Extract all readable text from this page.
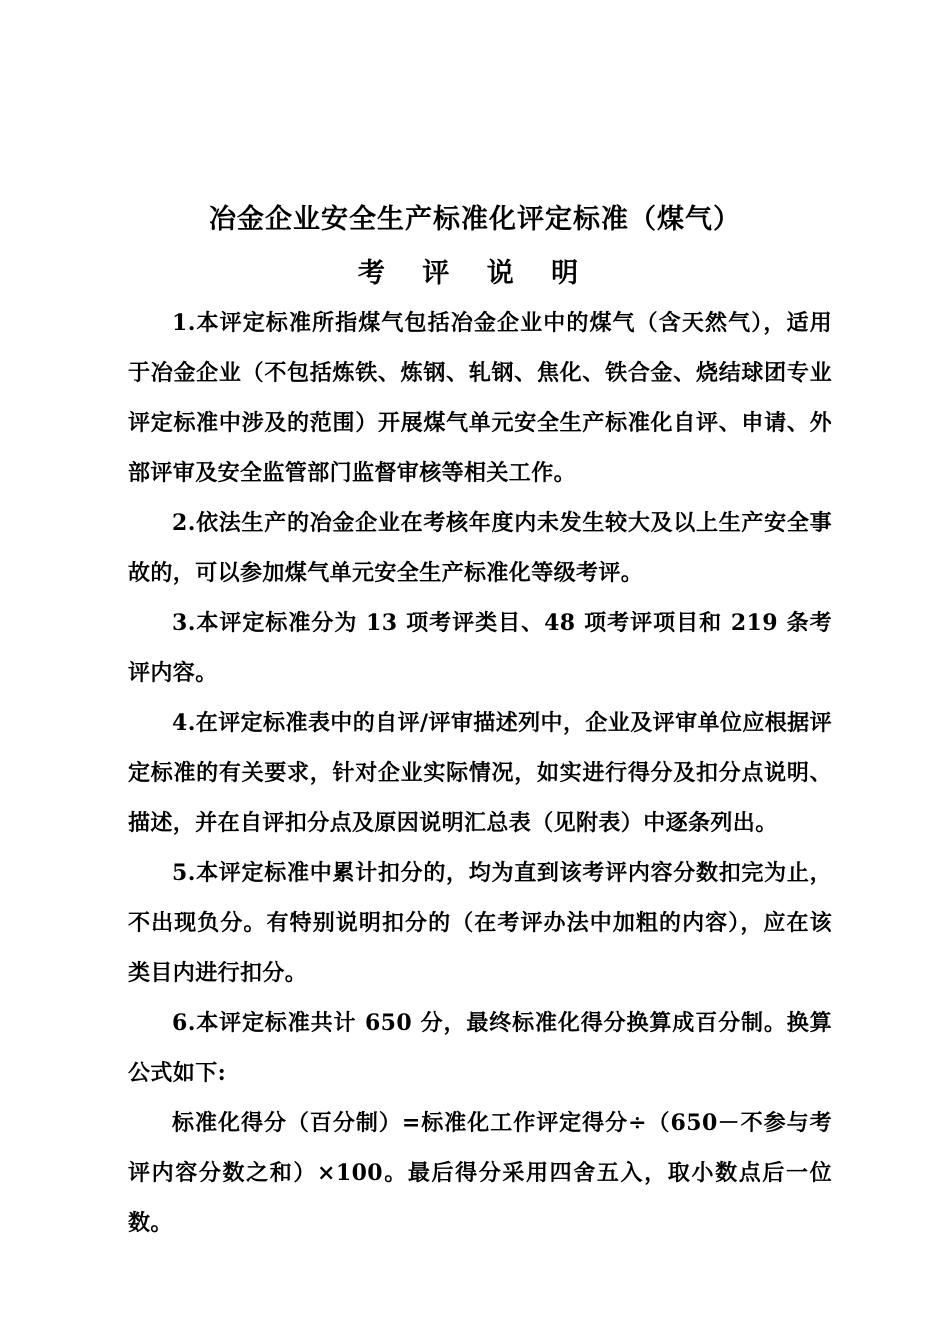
冶金企业安全生产标准化评定标准（煤气）
考 评 说 明

1.本评定标准所指煤气包括冶金企业中的煤气（含天然气），适用于冶金企业（不包括炼铁、炼钢、轧钢、焦化、铁合金、烧结球团专业评定标准中涉及的范围）开展煤气单元安全生产标准化自评、申请、外部评审及安全监管部门监督审核等相关工作。

2.依法生产的冶金企业在考核年度内未发生较大及以上生产安全事故的，可以参加煤气单元安全生产标准化等级考评。

3.本评定标准分为 13 项考评类目、48 项考评项目和 219 条考评内容。

4.在评定标准表中的自评/评审描述列中，企业及评审单位应根据评定标准的有关要求，针对企业实际情况，如实进行得分及扣分点说明、描述，并在自评扣分点及原因说明汇总表（见附表）中逐条列出。

5.本评定标准中累计扣分的，均为直到该考评内容分数扣完为止，不出现负分。有特别说明扣分的（在考评办法中加粗的内容），应在该类目内进行扣分。

6.本评定标准共计 650 分，最终标准化得分换算成百分制。换算公式如下:

标准化得分（百分制）=标准化工作评定得分÷（650－不参与考评内容分数之和）×100。最后得分采用四舍五入，取小数点后一位数。
